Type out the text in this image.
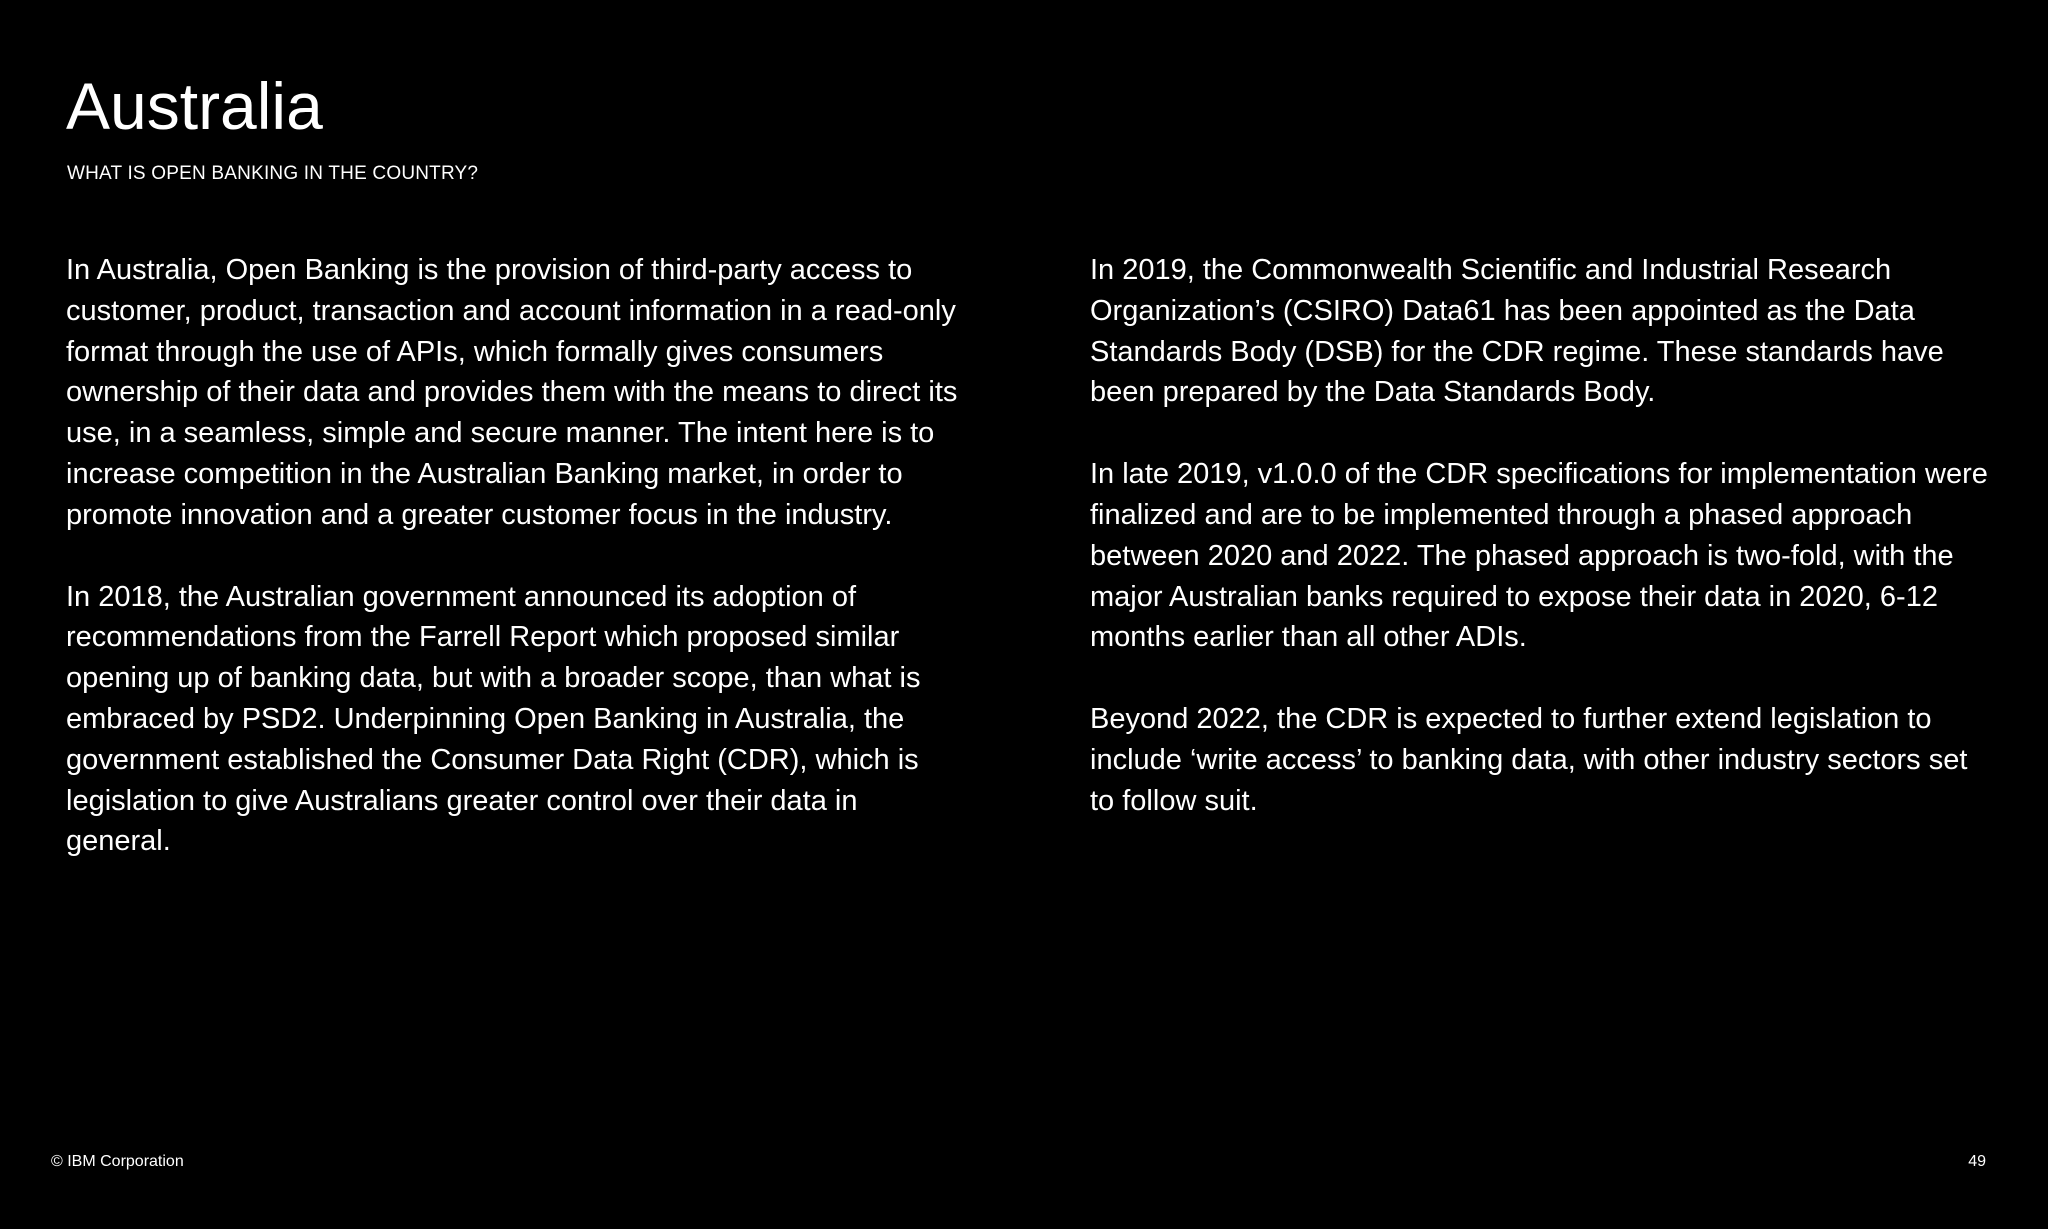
Australia
WHAT IS OPEN BANKING IN THE COUNTRY?

In Australia, Open Banking is the provision of third-party access to customer, product, transaction and account information in a read-only format through the use of APIs, which formally gives consumers ownership of their data and provides them with the means to direct its use, in a seamless, simple and secure manner. The intent here is to increase competition in the Australian Banking market, in order to promote innovation and a greater customer focus in the industry.

In 2018, the Australian government announced its adoption of recommendations from the Farrell Report which proposed similar opening up of banking data, but with a broader scope, than what is embraced by PSD2. Underpinning Open Banking in Australia, the government established the Consumer Data Right (CDR), which is legislation to give Australians greater control over their data in general.

In 2019, the Commonwealth Scientific and Industrial Research Organization’s (CSIRO) Data61 has been appointed as the Data Standards Body (DSB) for the CDR regime. These standards have been prepared by the Data Standards Body.

In late 2019, v1.0.0 of the CDR specifications for implementation were finalized and are to be implemented through a phased approach between 2020 and 2022. The phased approach is two-fold, with the major Australian banks required to expose their data in 2020, 6-12 months earlier than all other ADIs.

Beyond 2022, the CDR is expected to further extend legislation to include ‘write access’ to banking data, with other industry sectors set to follow suit.

© IBM Corporation	49
